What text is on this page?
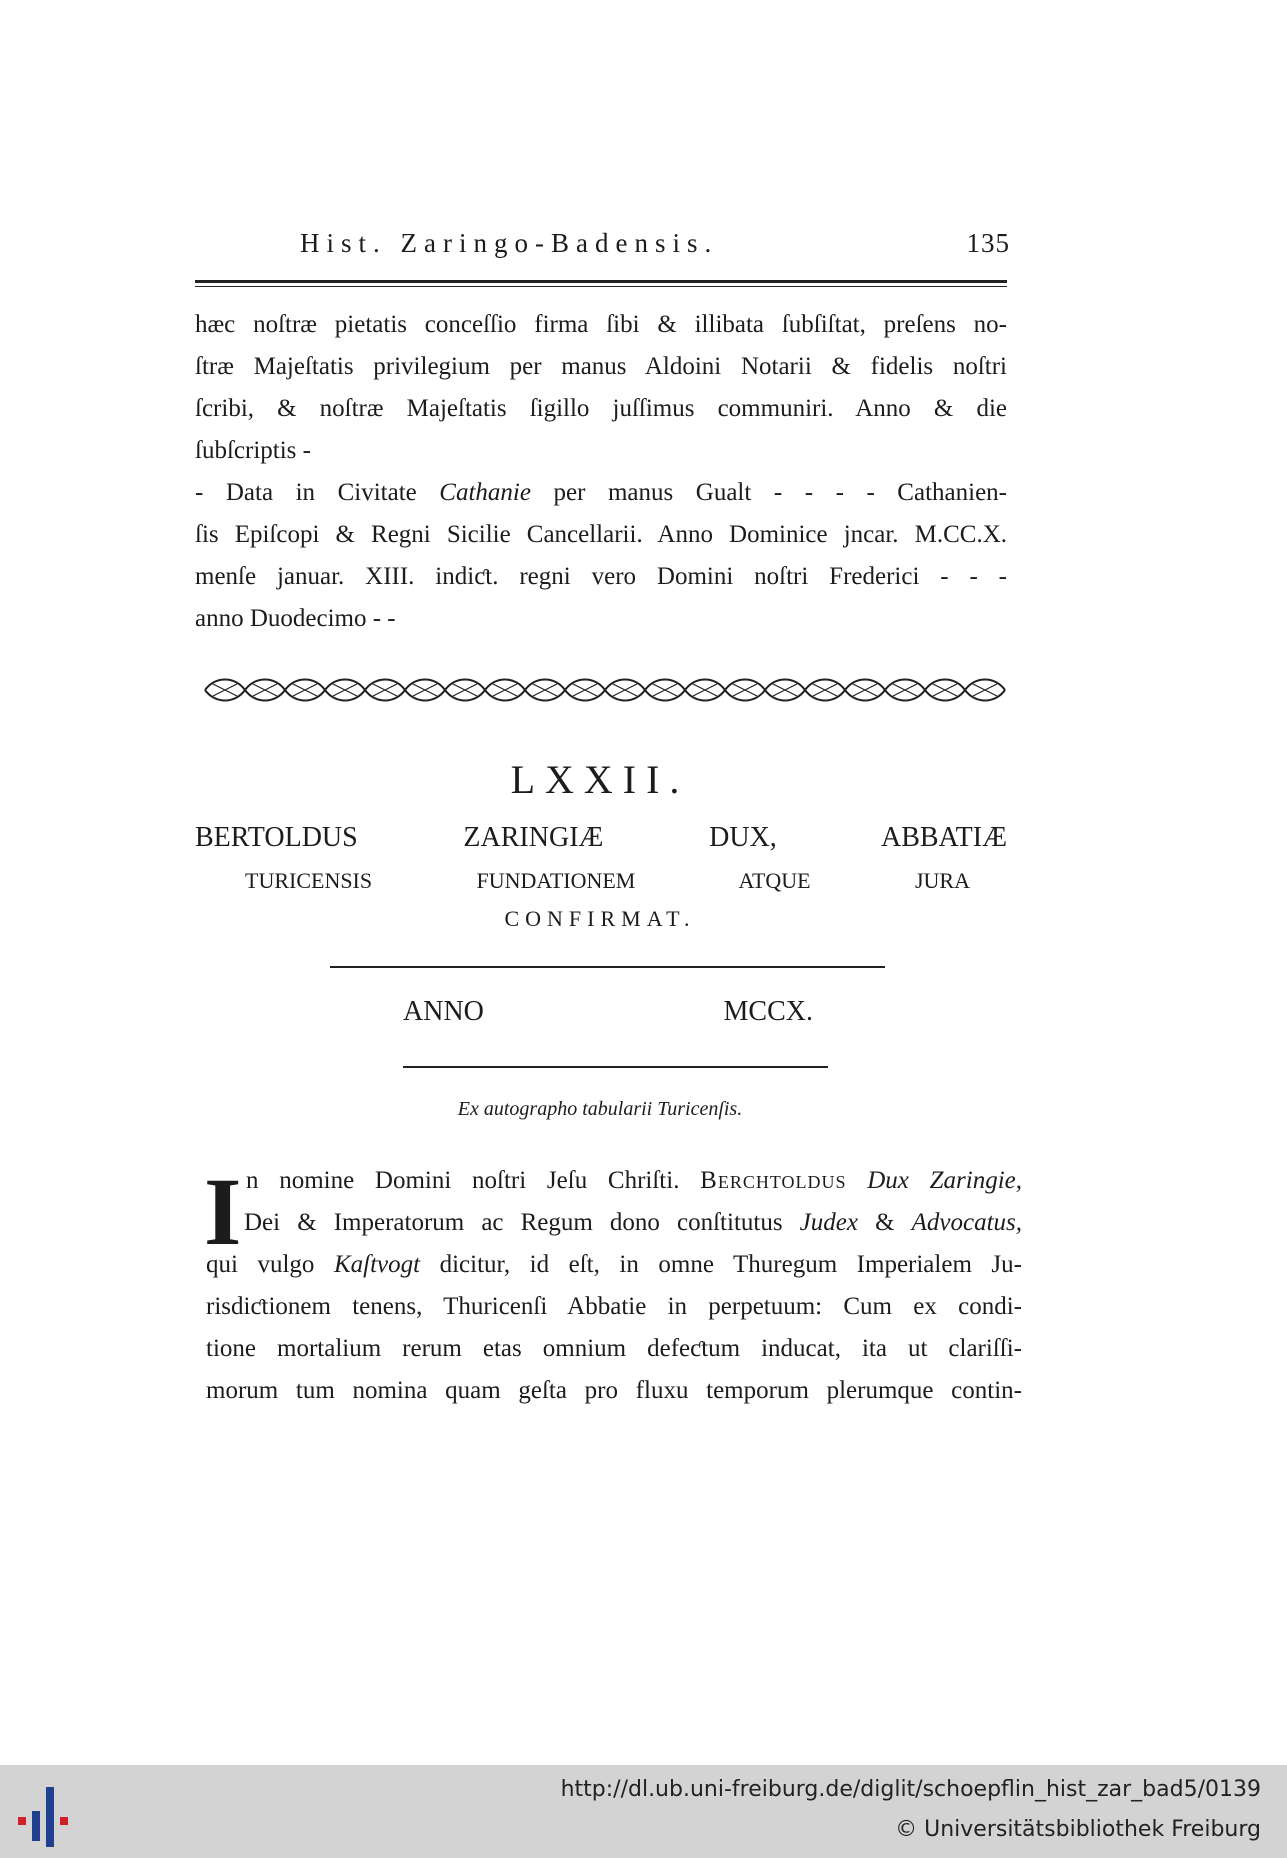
Hist. Zaringo-Badensis.	135
hæc noſtræ pietatis conceſſio firma ſibi & illibata ſubſiſtat, preſens no-
ſtræ Majeſtatis privilegium per manus Aldoini Notarii & fidelis noſtri
ſcribi, & noſtræ Majeſtatis ſigillo juſſimus communiri. Anno & die
ſubſcriptis -
- Data in Civitate Cathanie per manus Gualt - - - - Cathanien-
ſis Epiſcopi & Regni Sicilie Cancellarii. Anno Dominice jncar. M.CC.X.
menſe januar. XIII. indiƈt. regni vero Domini noſtri Frederici - - -
anno Duodecimo - -
LXXII.
BERTOLDUS ZARINGIÆ DUX, ABBATIÆ
TURICENSIS FUNDATIONEM ATQUE JURA
CONFIRMAT.
ANNO MCCX.
Ex autographo tabularii Turicenſis.
I n nomine Domini noſtri Jeſu Chriſti. Berchtoldus Dux Zaringie,
Dei & Imperatorum ac Regum dono conſtitutus Judex & Advocatus,
qui vulgo Kaſtvogt dicitur, id eſt, in omne Thuregum Imperialem Ju-
risdiƈtionem tenens, Thuricenſi Abbatie in perpetuum: Cum ex condi-
tione mortalium rerum etas omnium defeƈtum inducat, ita ut clariſſi-
morum tum nomina quam geſta pro fluxu temporum plerumque contin-
http://dl.ub.uni-freiburg.de/diglit/schoepflin_hist_zar_bad5/0139
© Universitätsbibliothek Freiburg
